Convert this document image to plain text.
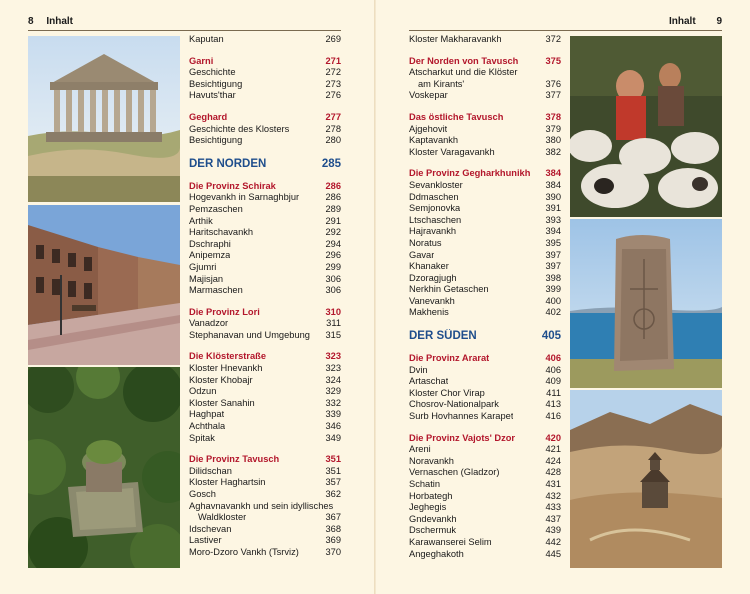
8 Inhalt
Kaputan	269
Garni	271
Geschichte	272
Besichtigung	273
Havuts'thar	276
Geghard	277
Geschichte des Klosters	278
Besichtigung	280
DER NORDEN	285
Die Provinz Schirak	286
Hogevankh in Sarnaghbjur	286
Pemzaschen	289
Arthik	291
Haritschavankh	292
Dschraphi	294
Anipemza	296
Gjumri	299
Majisjan	306
Marmaschen	306
Die Provinz Lori	310
Vanadzor	311
Stephanavan und Umgebung	315
Die Klösterstraße	323
Kloster Hnevankh	323
Kloster Khobajr	324
Odzun	329
Kloster Sanahin	332
Haghpat	339
Achthala	346
Spitak	349
Die Provinz Tavusch	351
Dilidschan	351
Kloster Haghartsin	357
Gosch	362
Aghavnavankh und sein idyllisches
Waldkloster	367
Idschevan	368
Lastiver	369
Moro-Dzoro Vankh (Tsrviz)	370
Inhalt 9
Kloster Makharavankh	372
Der Norden von Tavusch	375
Atscharkut und die Klöster
am Kirants'	376
Voskepar	377
Das östliche Tavusch	378
Ajgehovit	379
Kaptavankh	380
Kloster Varagavankh	382
Die Provinz Gegharkhunikh	384
Sevankloster	384
Ddmaschen	390
Semjonovka	391
Ltschaschen	393
Hajravankh	394
Noratus	395
Gavar	397
Khanaker	397
Dzoragjugh	398
Nerkhin Getaschen	399
Vanevankh	400
Makhenis	402
DER SÜDEN	405
Die Provinz Ararat	406
Dvin	406
Artaschat	409
Kloster Chor Virap	411
Chosrov-Nationalpark	413
Surb Hovhannes Karapet	416
Die Provinz Vajots' Dzor	420
Areni	421
Noravankh	424
Vernaschen (Gladzor)	428
Schatin	431
Horbategh	432
Jeghegis	433
Gndevankh	437
Dschermuk	439
Karawanserei Selim	442
Angeghakoth	445
